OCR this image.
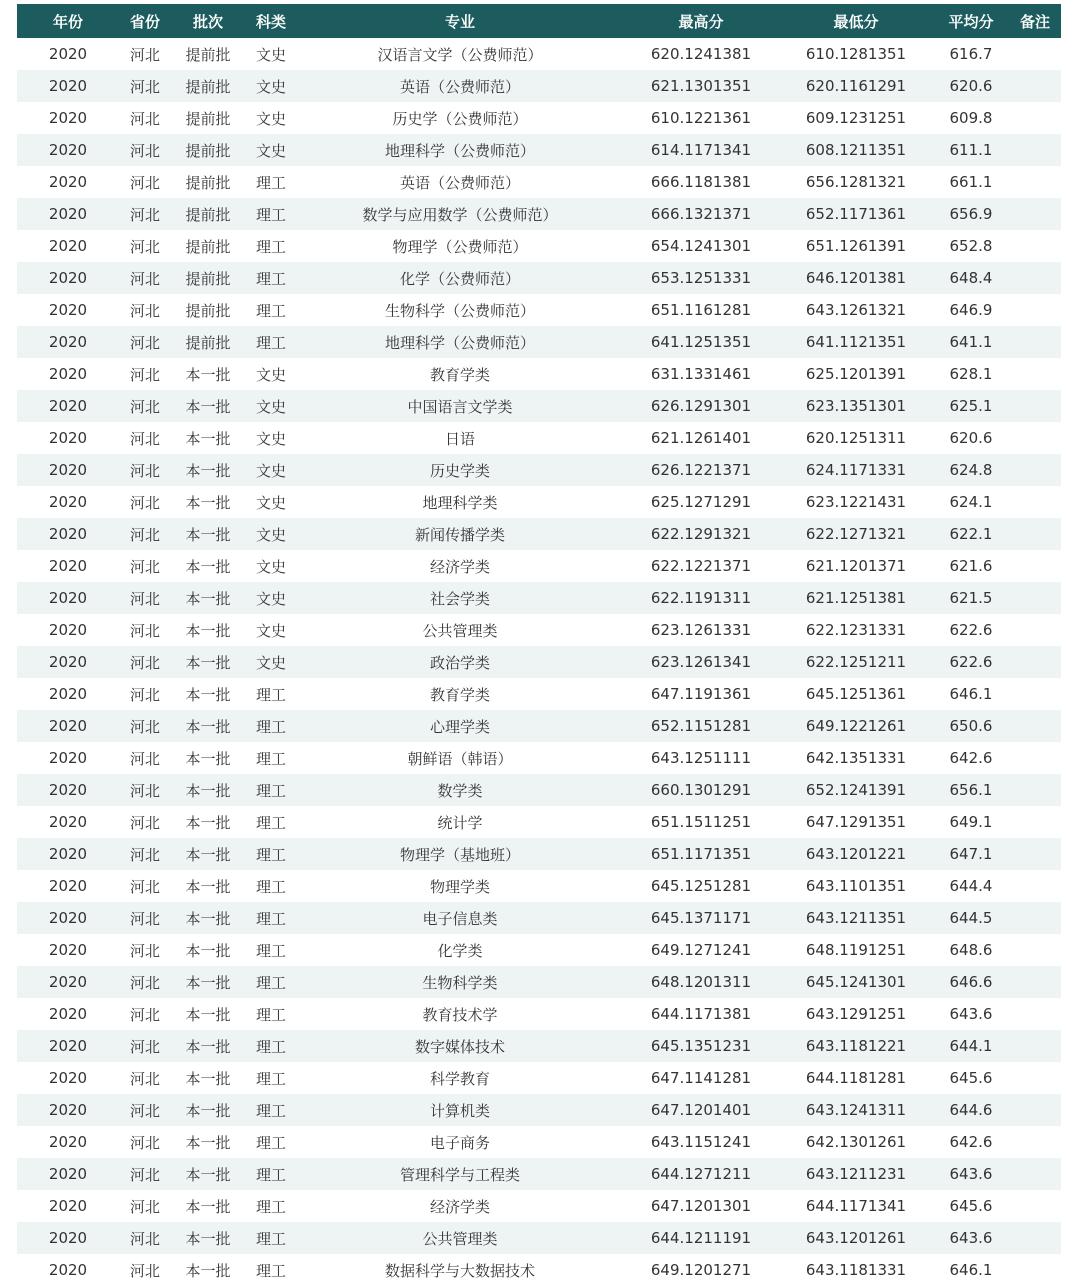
年份	省份	批次	科类	专业	最高分	最低分	平均分	备注
2020	河北	提前批	文史	汉语言文学（公费师范）	620.1241381	610.1281351	616.7	
2020	河北	提前批	文史	英语（公费师范）	621.1301351	620.1161291	620.6	
2020	河北	提前批	文史	历史学（公费师范）	610.1221361	609.1231251	609.8	
2020	河北	提前批	文史	地理科学（公费师范）	614.1171341	608.1211351	611.1	
2020	河北	提前批	理工	英语（公费师范）	666.1181381	656.1281321	661.1	
2020	河北	提前批	理工	数学与应用数学（公费师范）	666.1321371	652.1171361	656.9	
2020	河北	提前批	理工	物理学（公费师范）	654.1241301	651.1261391	652.8	
2020	河北	提前批	理工	化学（公费师范）	653.1251331	646.1201381	648.4	
2020	河北	提前批	理工	生物科学（公费师范）	651.1161281	643.1261321	646.9	
2020	河北	提前批	理工	地理科学（公费师范）	641.1251351	641.1121351	641.1	
2020	河北	本一批	文史	教育学类	631.1331461	625.1201391	628.1	
2020	河北	本一批	文史	中国语言文学类	626.1291301	623.1351301	625.1	
2020	河北	本一批	文史	日语	621.1261401	620.1251311	620.6	
2020	河北	本一批	文史	历史学类	626.1221371	624.1171331	624.8	
2020	河北	本一批	文史	地理科学类	625.1271291	623.1221431	624.1	
2020	河北	本一批	文史	新闻传播学类	622.1291321	622.1271321	622.1	
2020	河北	本一批	文史	经济学类	622.1221371	621.1201371	621.6	
2020	河北	本一批	文史	社会学类	622.1191311	621.1251381	621.5	
2020	河北	本一批	文史	公共管理类	623.1261331	622.1231331	622.6	
2020	河北	本一批	文史	政治学类	623.1261341	622.1251211	622.6	
2020	河北	本一批	理工	教育学类	647.1191361	645.1251361	646.1	
2020	河北	本一批	理工	心理学类	652.1151281	649.1221261	650.6	
2020	河北	本一批	理工	朝鲜语（韩语）	643.1251111	642.1351331	642.6	
2020	河北	本一批	理工	数学类	660.1301291	652.1241391	656.1	
2020	河北	本一批	理工	统计学	651.1511251	647.1291351	649.1	
2020	河北	本一批	理工	物理学（基地班）	651.1171351	643.1201221	647.1	
2020	河北	本一批	理工	物理学类	645.1251281	643.1101351	644.4	
2020	河北	本一批	理工	电子信息类	645.1371171	643.1211351	644.5	
2020	河北	本一批	理工	化学类	649.1271241	648.1191251	648.6	
2020	河北	本一批	理工	生物科学类	648.1201311	645.1241301	646.6	
2020	河北	本一批	理工	教育技术学	644.1171381	643.1291251	643.6	
2020	河北	本一批	理工	数字媒体技术	645.1351231	643.1181221	644.1	
2020	河北	本一批	理工	科学教育	647.1141281	644.1181281	645.6	
2020	河北	本一批	理工	计算机类	647.1201401	643.1241311	644.6	
2020	河北	本一批	理工	电子商务	643.1151241	642.1301261	642.6	
2020	河北	本一批	理工	管理科学与工程类	644.1271211	643.1211231	643.6	
2020	河北	本一批	理工	经济学类	647.1201301	644.1171341	645.6	
2020	河北	本一批	理工	公共管理类	644.1211191	643.1201261	643.6	
2020	河北	本一批	理工	数据科学与大数据技术	649.1201271	643.1181331	646.1	
